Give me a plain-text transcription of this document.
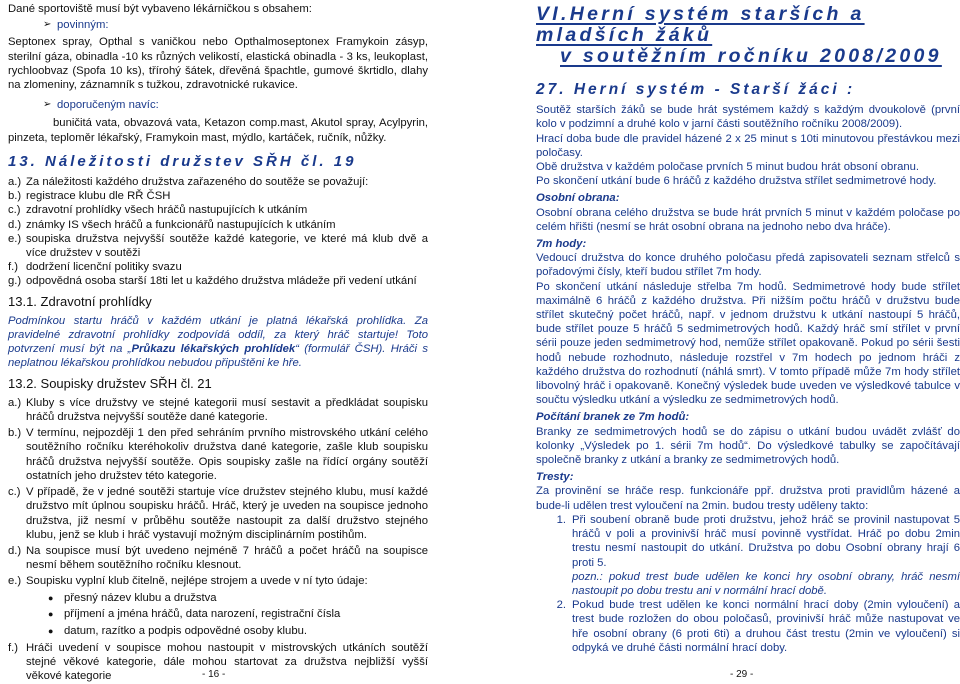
Dané sportoviště musí být vybaveno lékárničkou s obsahem:

➢ povinným:

Septonex spray, Opthal s vaničkou nebo Opthalmoseptonex Framykoin zásyp, sterilní gáza, obinadla -10 ks různých velikostí, elastická obinadla - 3 ks, leukoplast, rychloobvaz (Spofa 10 ks), třírohý šátek, dřevěná špachtle, gumové škrtidlo, dlahy na zlomeniny, záznamník s tužkou, zdravotnické rukavice.

➢ doporučeným navíc:

buničitá vata, obvazová vata, Ketazon comp.mast, Akutol spray, Acylpyrin, pinzeta, teploměr lékařský, Framykoin mast, mýdlo, kartáček, ručník, nůžky.

13. Náležitosti družstev SŘH čl. 19
a.) Za náležitosti každého družstva zařazeného do soutěže se považují:
b.) registrace klubu dle RŘ ČSH
c.) zdravotní prohlídky všech hráčů nastupujících k utkáním
d.) známky IS všech hráčů a funkcionářů nastupujících k utkáním
e.) soupiska družstva nejvyšší soutěže každé kategorie, ve které má klub dvě a více družstev v soutěži
f.) dodržení licenční politiky svazu
g.) odpovědná osoba starší 18ti let u každého družstva mládeže při vedení utkání
13.1. Zdravotní prohlídky

Podmínkou startu hráčů v každém utkání je platná lékařská prohlídka. Za pravidelné zdravotní prohlídky zodpovídá oddíl, za který hráč startuje! Toto potvrzení musí být na „Průkazu lékařských prohlídek“ (formulář ČSH). Hráči s neplatnou lékařskou prohlídkou nebudou připuštěni ke hře.

13.2. Soupisky družstev SŘH čl. 21
a.) Kluby s více družstvy ve stejné kategorii musí sestavit a předkládat soupisku hráčů družstva nejvyšší soutěže dané kategorie.
b.) V termínu, nejpozději 1 den před sehráním prvního mistrovského utkání celého soutěžního ročníku kteréhokoliv družstva dané kategorie, zašle klub soupisku hráčů družstva nejvyšší soutěže. Opis soupisky zašle na řídící orgány soutěží ostatních jeho družstev této kategorie.
c.) V případě, že v jedné soutěži startuje více družstev stejného klubu, musí každé družstvo mít úplnou soupisku hráčů. Hráč, který je uveden na soupisce jednoho družstva, již nesmí v průběhu soutěže nastoupit za další družstvo stejného klubu, jenž se klub i hráč vystavují možným disciplinárním postihům.
d.) Na soupisce musí být uvedeno nejméně 7 hráčů a počet hráčů na soupisce nesmí během soutěžního ročníku klesnout.
e.) Soupisku vyplní klub čitelně, nejlépe strojem a uvede v ní tyto údaje:
● přesný název klubu a družstva
● příjmení a jména hráčů, data narození, registrační čísla
● datum, razítko a podpis odpovědné osoby klubu.
f.) Hráči uvedení v soupisce mohou nastoupit v mistrovských utkáních soutěží stejné věkové kategorie, dále mohou startovat za družstva nejbližší vyšší věkové kategorie	- 16 -
VI.Herní systém starších a mladších žáků
v soutěžním ročníku 2008/2009
27. Herní systém - Starší žáci :

Soutěž starších žáků se bude hrát systémem každý s každým dvoukolově (první kolo v podzimní a druhé kolo v jarní části soutěžního ročníku 2008/2009).

Hrací doba bude dle pravidel házené 2 x 25 minut s 10ti minutovou přestávkou mezi poločasy.

Obě družstva v každém poločase prvních 5 minut budou hrát obsoní obranu.

Po skončení utkání bude 6 hráčů z každého družstva střílet sedmimetrové hody.

Osobní obrana:

Osobní obrana celého družstva se bude hrát prvních 5 minut v každém poločase po celém hřišti (nesmí se hrát osobní obrana na jednoho nebo dva hráče).

7m hody:

Vedoucí družstva do konce druhého poločasu předá zapisovateli seznam střelců s pořadovými čísly, kteří budou střílet 7m hody.

Po skončení utkání následuje střelba 7m hodů. Sedmimetrové hody bude střílet maximálně 6 hráčů z každého družstva. Při nižším počtu hráčů v družstvu bude střílet skutečný počet hráčů, např. v jednom družstvu k utkání nastoupí 5 hráčů, bude střílet pouze 5 hráčů 5 sedmimetrových hodů. Každý hráč smí střílet v první sérii pouze jeden sedmimetrový hod, neműže střílet opakovaně. Pokud po sérii šesti hodů nebude rozhodnuto, následuje rozstřel v 7m hodech po jednom hráči z každého družstva do rozhodnutí (náhlá smrt). V tomto případě může 7m hody střílet libovolný hráč i opakovaně. Konečný výsledek bude uveden ve výsledkové tabulce v součtu výsledku utkání a výsledku ze sedmimetrových hodů.

Počítání branek ze 7m hodů:

Branky ze sedmimetrových hodů se do zápisu o utkání budou uvádět zvlášť do kolonky „Výsledek po 1. sérii 7m hodů“. Do výsledkové tabulky se započítávají společně branky z utkání a branky ze sedmimetrových hodů.

Tresty:

Za provinění se hráče resp. funkcionáře ppř. družstva proti pravidlům házené a bude-li udělen trest vyloučení na 2min. budou tresty uděleny takto:

1. Při soubení obraně bude proti družstvu, jehož hráč se provinil nastupovat 5 hráčů v poli a provinivší hráč musí povinně vystřídat. Hráč po dobu 2min trestu nesmí nastoupit do utkání. Družstva po dobu Osobní obrany hrají 6 proti 5.
pozn.: pokud trest bude udělen ke konci hry osobní obrany, hráč nesmí nastoupit po dobu trestu ani v normální hrací době.
2. Pokud bude trest udělen ke konci normální hrací doby (2min vyloučení) a trest bude rozložen do obou poločasů, provinivší hráč může nastupovat ve hře osobní obrany (6 proti 6ti) a druhou část trestu (2min ve vyloučení) si odpyká ve druhé části normální hrací doby.
- 29 -
